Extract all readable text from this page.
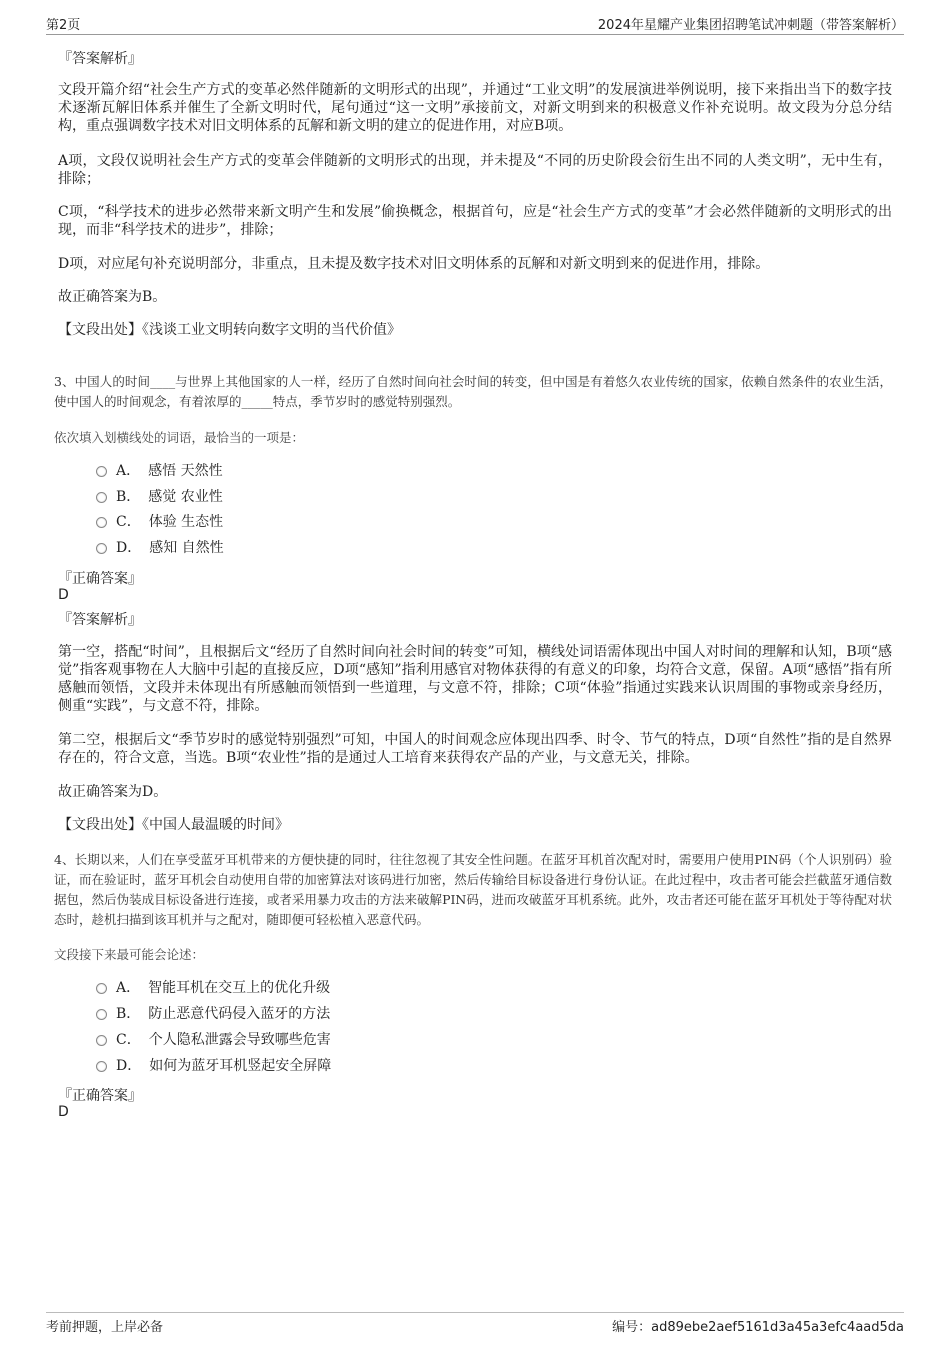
第2页	2024年星耀产业集团招聘笔试冲刺题（带答案解析）
『答案解析』

文段开篇介绍“社会生产方式的变革必然伴随新的文明形式的出现”，并通过“工业文明”的发展演进举例说明，接下来指出当下的数字技术逐渐瓦解旧体系并催生了全新文明时代，尾句通过“这一文明”承接前文，对新文明到来的积极意义作补充说明。故文段为分总分结构，重点强调数字技术对旧文明体系的瓦解和新文明的建立的促进作用，对应B项。

A项，文段仅说明社会生产方式的变革会伴随新的文明形式的出现，并未提及“不同的历史阶段会衍生出不同的人类文明”，无中生有，排除；

C项，“科学技术的进步必然带来新文明产生和发展”偷换概念，根据首句，应是“社会生产方式的变革”才会必然伴随新的文明形式的出现，而非“科学技术的进步”，排除；

D项，对应尾句补充说明部分，非重点，且未提及数字技术对旧文明体系的瓦解和对新文明到来的促进作用，排除。

故正确答案为B。

【文段出处】《浅谈工业文明转向数字文明的当代价值》

3、中国人的时间____与世界上其他国家的人一样，经历了自然时间向社会时间的转变，但中国是有着悠久农业传统的国家，依赖自然条件的农业生活，使中国人的时间观念，有着浓厚的_____特点，季节岁时的感觉特别强烈。

依次填入划横线处的词语，最恰当的一项是：

A． 感悟 天然性
B． 感觉 农业性
C． 体验 生态性
D． 感知 自然性
『正确答案』
D
『答案解析』

第一空，搭配“时间”，且根据后文“经历了自然时间向社会时间的转变”可知，横线处词语需体现出中国人对时间的理解和认知，B项“感觉”指客观事物在人大脑中引起的直接反应，D项“感知”指利用感官对物体获得的有意义的印象，均符合文意，保留。A项“感悟”指有所感触而领悟，文段并未体现出有所感触而领悟到一些道理，与文意不符，排除；C项“体验”指通过实践来认识周围的事物或亲身经历，侧重“实践”，与文意不符，排除。

第二空，根据后文“季节岁时的感觉特别强烈”可知，中国人的时间观念应体现出四季、时令、节气的特点，D项“自然性”指的是自然界存在的，符合文意，当选。B项“农业性”指的是通过人工培育来获得农产品的产业，与文意无关，排除。

故正确答案为D。

【文段出处】《中国人最温暖的时间》

4、长期以来，人们在享受蓝牙耳机带来的方便快捷的同时，往往忽视了其安全性问题。在蓝牙耳机首次配对时，需要用户使用PIN码（个人识别码）验证，而在验证时，蓝牙耳机会自动使用自带的加密算法对该码进行加密，然后传输给目标设备进行身份认证。在此过程中，攻击者可能会拦截蓝牙通信数据包，然后伪装成目标设备进行连接，或者采用暴力攻击的方法来破解PIN码，进而攻破蓝牙耳机系统。此外，攻击者还可能在蓝牙耳机处于等待配对状态时，趁机扫描到该耳机并与之配对，随即便可轻松植入恶意代码。

文段接下来最可能会论述：

A． 智能耳机在交互上的优化升级
B． 防止恶意代码侵入蓝牙的方法
C． 个人隐私泄露会导致哪些危害
D． 如何为蓝牙耳机竖起安全屏障
『正确答案』
D
考前押题，上岸必备	编号：ad89ebe2aef5161d3a45a3efc4aad5da
